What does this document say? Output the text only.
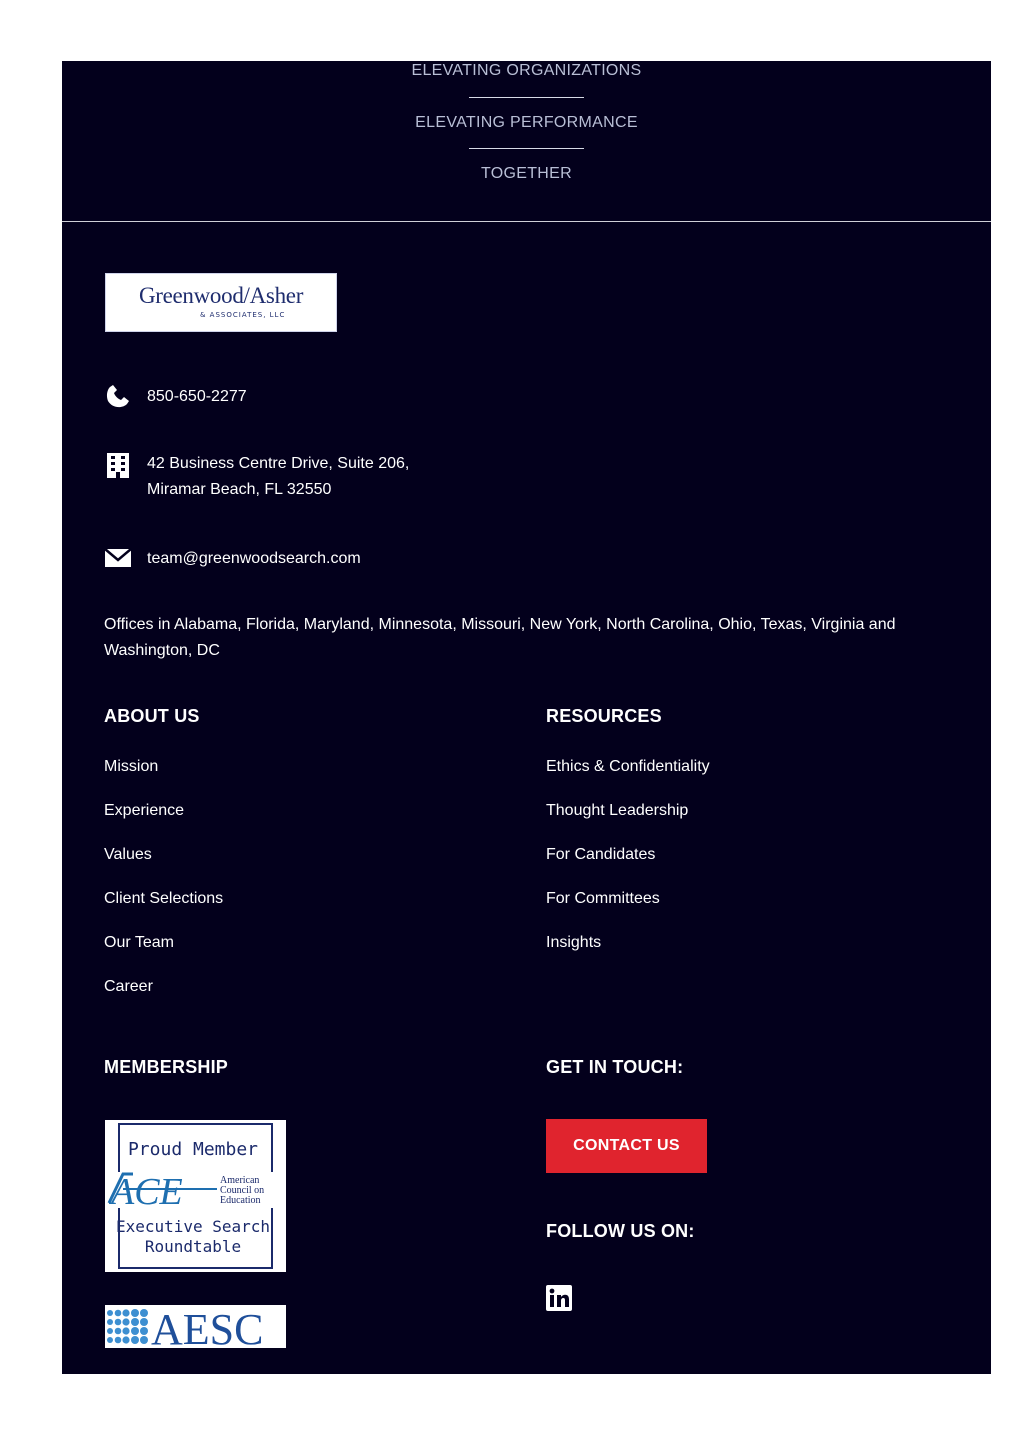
ELEVATING ORGANIZATIONS
ELEVATING PERFORMANCE
TOGETHER
Greenwood/Asher
& ASSOCIATES, LLC
850-650-2277
42 Business Centre Drive, Suite 206,
Miramar Beach, FL 32550
team@greenwoodsearch.com
Offices in Alabama, Florida, Maryland, Minnesota, Missouri, New York, North Carolina, Ohio, Texas, Virginia and Washington, DC
ABOUT US
Mission
Experience
Values
Client Selections
Our Team
Career
RESOURCES
Ethics & Confidentiality
Thought Leadership
For Candidates
For Committees
Insights
MEMBERSHIP
Proud Member
ACE	American
Council on
Education
Executive Search
Roundtable
AESC
GET IN TOUCH:
CONTACT US
FOLLOW US ON:
